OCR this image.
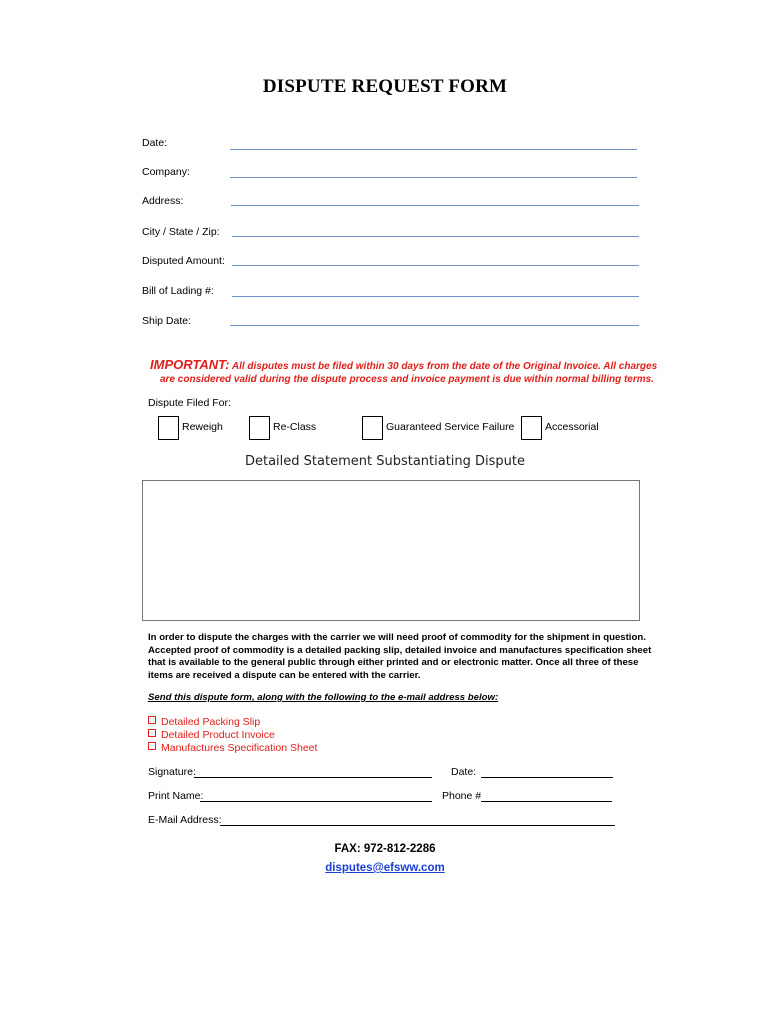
DISPUTE REQUEST FORM
Date:
Company:
Address:
City / State / Zip:
Disputed Amount:
Bill of Lading #:
Ship Date:
IMPORTANT: All disputes must be filed within 30 days from the date of the Original Invoice. All charges
are considered valid during the dispute process and invoice payment is due within normal billing terms.
Dispute Filed For:
Reweigh	Re-Class	Guaranteed Service Failure	Accessorial
Detailed Statement Substantiating Dispute
In order to dispute the charges with the carrier we will need proof of commodity for the shipment in question. Accepted proof of commodity is a detailed packing slip, detailed invoice and manufactures specification sheet that is available to the general public through either printed and or electronic matter. Once all three of these items are received a dispute can be entered with the carrier.
Send this dispute form, along with the following to the e-mail address below:
Detailed Packing Slip
Detailed Product Invoice
Manufactures Specification Sheet
Signature:	Date:
Print Name:	Phone #
E-Mail Address:
FAX: 972-812-2286
disputes@efsww.com
